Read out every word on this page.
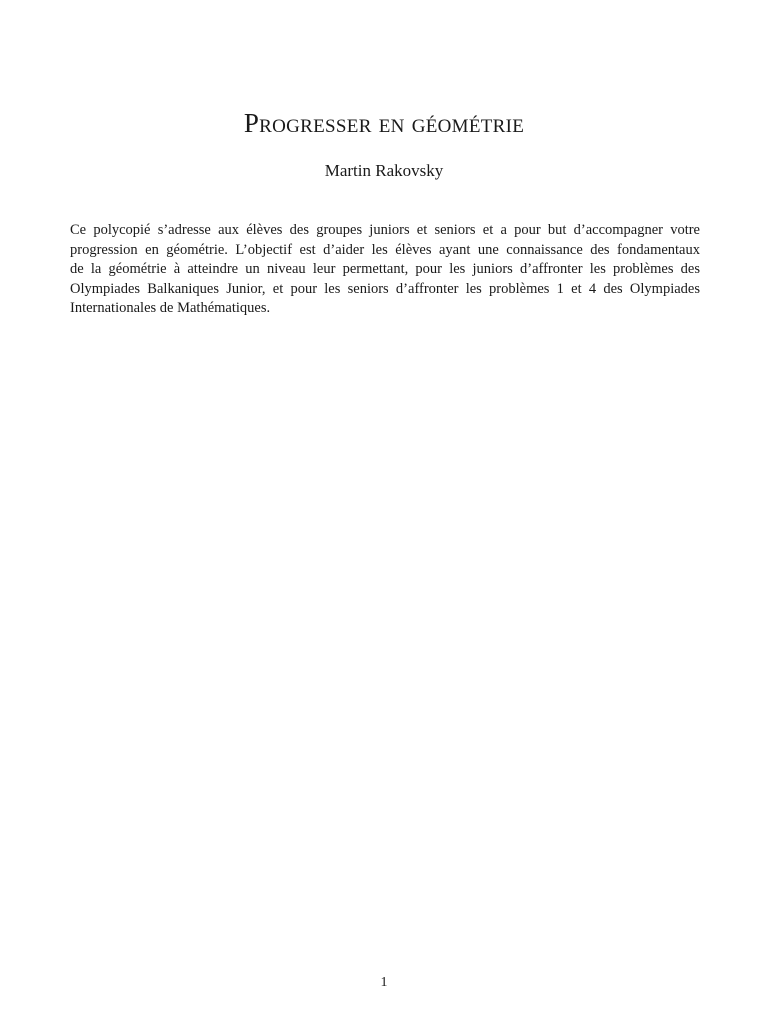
Progresser en géométrie

Martin Rakovsky

Ce polycopié s’adresse aux élèves des groupes juniors et seniors et a pour but d’accompagner votre
progression en géométrie. L’objectif est d’aider les élèves ayant une connaissance des fondamentaux
de la géométrie à atteindre un niveau leur permettant, pour les juniors d’affronter les problèmes des
Olympiades Balkaniques Junior, et pour les seniors d’affronter les problèmes 1 et 4 des Olympiades
Internationales de Mathématiques.

1
